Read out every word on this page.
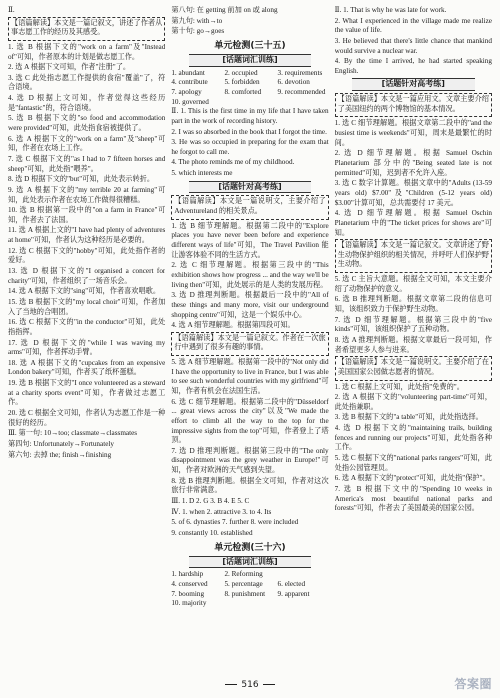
Ⅱ.

【语篇解读】本文是一篇记叙文，讲述了作者从事志愿工作的经历及其感受。

1. 选 B 根据下文的"work on a farm"及"Instead of"可知，作者原本的计划是做志愿工作。

2. 选 A 根据下文可知，作者"注册"了。

3. 选 C 此处指志愿工作提供的食宿"覆盖"了，符合语境。

4. 选 D 根据上文可知，作者觉得这些经历是"fantastic"的，符合语境。

5. 选 B 根据下文的"so food and accommodation were provided"可知，此处指食宿被提供了。

6. 选 A 根据下文的"work on a farm"及"sheep"可知，作者在农场上工作。

7. 选 C 根据下文的"as I had to 7 fifteen horses and sheep"可知，此处指"喂养"。

8. 选 D 根据下文的"but"可知，此处表示转折。

9. 选 A 根据下文的"my terrible 20 at farming"可知，此处表示作者在农场工作做得很糟糕。

10. 选 B 根据第一段中的"on a farm in France"可知，作者去了法国。

11. 选 A 根据上文的"I have had plenty of adventures at home"可知，作者认为这种经历是必要的。

12. 选 C 根据下文的"hobby"可知，此处指作者的爱好。

13. 选 D 根据下文的"I organised a concert for charity"可知，作者组织了一场音乐会。

14. 选 A 根据下文的"sing"可知，作者喜欢唱歌。

15. 选 B 根据下文的"my local choir"可知，作者加入了当地的合唱团。

16. 选 C 根据下文的"in the conductor"可知，此处指指挥。

17. 选 D 根据下文的"while I was waving my arms"可知，作者挥动手臂。

18. 选 A 根据下文的"cupcakes from an expensive London bakery"可知，作者买了纸杯蛋糕。

19. 选 B 根据下文的"I once volunteered as a steward at a charity sports event"可知，作者做过志愿工作。

20. 选 C 根据全文可知，作者认为志愿工作是一种很好的经历。

Ⅲ. 第一句: 10→too; classmate→classmates

第四句: Unfortunately→Fortunately

第六句: 去掉 the; finish→finishing

第八句: 在 getting 前加 on 或 along

第九句: with→to

第十句: go→goes

单元检测(三十五)
[话题词汇训练]
1. abundant	2. occupied	3. requirements
4. contribute	5. forbidden	6. devotion
7. apology	8. comforted	9. recommended
10. governed

Ⅱ. 1. This is the first time in my life that I have taken part in the work of recording history.

2. I was so absorbed in the book that I forgot the time.

3. He was so occupied in preparing for the exam that he forgot to call me.

4. The photo reminds me of my childhood.

5. which interests me

[话题针对高考练]

【语篇解读】本文是一篇说明文，主要介绍了 Adventureland 的相关景点。

1. 选 B 细节理解题。根据第二段中的"Explore places you have never been before and experience different ways of life"可知，The Travel Pavilion 能让游客体验不同的生活方式。

2. 选 C 细节理解题。根据第三段中的"This exhibition shows how progress ... and the way we'll be living then"可知，此处展示的是人类的发展历程。

3. 选 D 推理判断题。根据最后一段中的"All of these things and many more, visit our underground shopping centre"可知，这是一个娱乐中心。

4. 选 A 细节理解题。根据第四段可知。

【语篇解读】本文是一篇记叙文。作者在一次旅行中遇到了很多有趣的事情。

5. 选 A 细节理解题。根据第一段中的"Not only did I have the opportunity to live in France, but I was able to see such wonderful countries with my girlfriend"可知，作者有机会在法国生活。

6. 选 C 细节理解题。根据第二段中的"Düsseldorf ... great views across the city"以及"We made the effort to climb all the way to the top for the impressive sights from the top"可知，作者登上了塔顶。

7. 选 D 推理判断题。根据第三段中的"The only disappointment was the grey weather in Europe!"可知，作者对欧洲的天气感到失望。

8. 选 B 推理判断题。根据全文可知，作者对这次旅行非常满意。

Ⅲ. 1. D 2. G 3. B 4. E 5. C

Ⅳ. 1. when 2. attractive 3. to 4. Its

5. of 6. dynasties 7. further 8. were included

9. constantly 10. established

单元检测(三十六)
[话题词汇训练]
1. hardship	2. Reforming
4. conserved	5. percentage	6. elected
7. booming	8. punishment	9. apparent
10. majority

Ⅱ. 1. That is why he was late for work.

2. What I experienced in the village made me realize the value of life.

3. He believed that there's little chance that mankind would survive a nuclear war.

4. By the time I arrived, he had started speaking English.

[话题针对高考练]

【语篇解读】本文是一篇应用文。文章主要介绍了美国纽约的两个博物馆的基本情况。

1. 选 C 细节理解题。根据文章第二段中的"and the busiest time is weekends"可知，周末是最繁忙的时间。

2. 选 D 细节理解题。根据 Samuel Oschin Planetarium 部分中的"Being seated late is not permitted"可知，迟到者不允许入座。

3. 选 C 数字计算题。根据文章中的"Adults (13-59 years old) $7.00"及"Children (5-12 years old) $3.00"计算可知，总共需要付 17 美元。

4. 选 D 细节理解题。根据 Samuel Oschin Planetarium 中的"The ticket prices for shows are"可知。

【语篇解读】本文是一篇记叙文。文章讲述了野生动物保护组织的相关情况，并呼吁人们保护野生动物。

5. 选 C 主旨大意题。根据全文可知，本文主要介绍了动物保护的意义。

6. 选 B 推理判断题。根据文章第二段的信息可知，该组织致力于保护野生动物。

7. 选 D 细节理解题。根据第三段中的"five kinds"可知，该组织保护了五种动物。

8. 选 A 推理判断题。根据文章最后一段可知，作者希望更多人参与进来。

【语篇解读】本文是一篇说明文。主要介绍了在美国国家公园做志愿者的情况。

1. 选 C 根据上文可知，此处指"免费的"。

2. 选 A 根据下文的"volunteering part-time"可知，此处指兼职。

3. 选 B 根据下文的"a table"可知，此处指选择。

4. 选 D 根据下文的"maintaining trails, building fences and running our projects"可知，此处指各种工作。

5. 选 C 根据下文的"national parks rangers"可知，此处指公园管理员。

6. 选 A 根据下文的"protect"可知，此处指"保护"。

7. 选 B 根据下文中的"Spending 10 weeks in America's most beautiful national parks and forests"可知，作者去了美国最美的国家公园。

516	答案圈
